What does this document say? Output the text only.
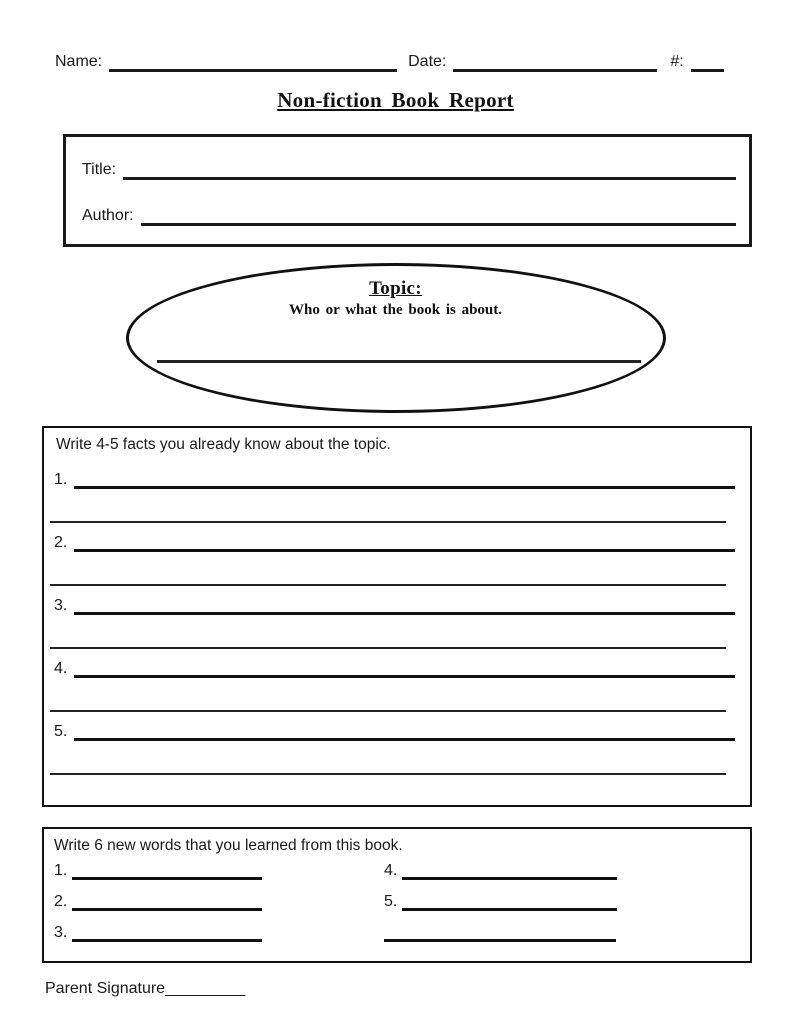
Name:	Date:	#:
Non-fiction Book Report
Title:
Author:
Topic:
Who or what the book is about.
Write 4-5 facts you already know about the topic.
1.
2.
3.
4.
5.
Write 6 new words that you learned from this book.
1.
2.
3.
4.
5.
Parent Signature_________
